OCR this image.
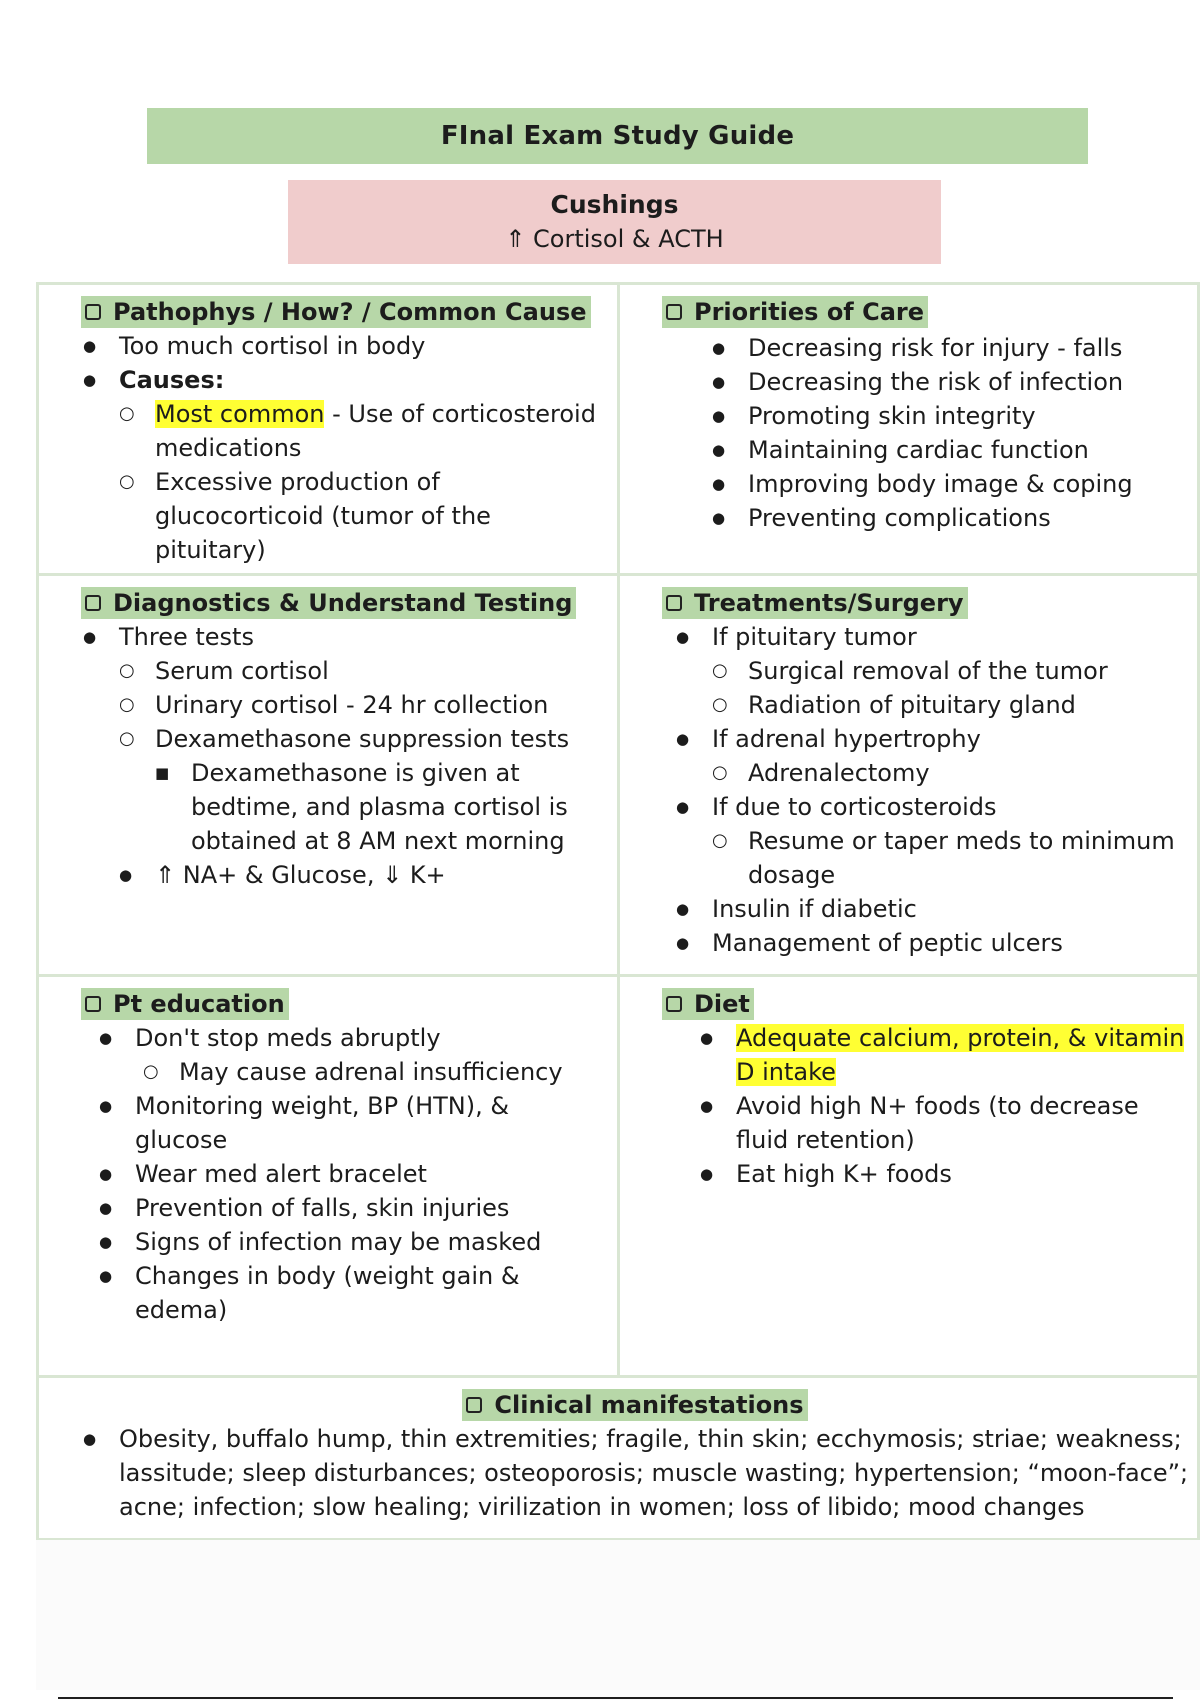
FInal Exam Study Guide
Cushings
⇑ Cortisol & ACTH
Pathophys / How? / Common Cause
● Too much cortisol in body
● Causes:
○ Most common - Use of corticosteroid medications
○ Excessive production of glucocorticoid (tumor of the pituitary)
Priorities of Care
● Decreasing risk for injury - falls
● Decreasing the risk of infection
● Promoting skin integrity
● Maintaining cardiac function
● Improving body image & coping
● Preventing complications
Diagnostics & Understand Testing
● Three tests
○ Serum cortisol
○ Urinary cortisol - 24 hr collection
○ Dexamethasone suppression tests
■ Dexamethasone is given at bedtime, and plasma cortisol is obtained at 8 AM next morning
● ⇑ NA+ & Glucose, ⇓ K+
Treatments/Surgery
● If pituitary tumor
○ Surgical removal of the tumor
○ Radiation of pituitary gland
● If adrenal hypertrophy
○ Adrenalectomy
● If due to corticosteroids
○ Resume or taper meds to minimum dosage
● Insulin if diabetic
● Management of peptic ulcers
Pt education
● Don't stop meds abruptly
○ May cause adrenal insufficiency
● Monitoring weight, BP (HTN), & glucose
● Wear med alert bracelet
● Prevention of falls, skin injuries
● Signs of infection may be masked
● Changes in body (weight gain & edema)
Diet
● Adequate calcium, protein, & vitamin D intake
● Avoid high N+ foods (to decrease fluid retention)
● Eat high K+ foods
Clinical manifestations
● Obesity, buffalo hump, thin extremities; fragile, thin skin; ecchymosis; striae; weakness; lassitude; sleep disturbances; osteoporosis; muscle wasting; hypertension; “moon-face”; acne; infection; slow healing; virilization in women; loss of libido; mood changes
